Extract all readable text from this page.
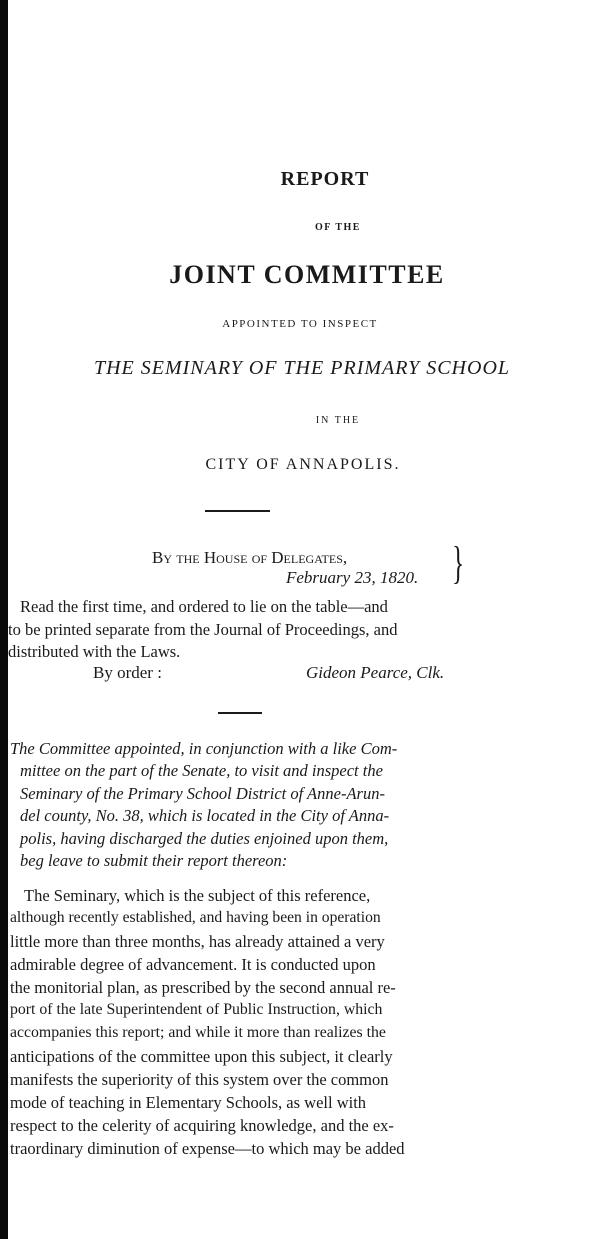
REPORT
OF THE
JOINT COMMITTEE
APPOINTED TO INSPECT
THE SEMINARY OF THE PRIMARY SCHOOL
IN THE
CITY OF ANNAPOLIS.
By the House of Delegates,
February 23, 1820. }
Read the first time, and ordered to lie on the table—and
to be printed separate from the Journal of Proceedings, and
distributed with the Laws.
By order :	Gideon Pearce, Clk.
The Committee appointed, in conjunction with a like Com-
mittee on the part of the Senate, to visit and inspect the
Seminary of the Primary School District of Anne-Arun-
del county, No. 38, which is located in the City of Anna-
polis, having discharged the duties enjoined upon them,
beg leave to submit their report thereon:
The Seminary, which is the subject of this reference,
although recently established, and having been in operation
little more than three months, has already attained a very
admirable degree of advancement. It is conducted upon
the monitorial plan, as prescribed by the second annual re-
port of the late Superintendent of Public Instruction, which
accompanies this report; and while it more than realizes the
anticipations of the committee upon this subject, it clearly
manifests the superiority of this system over the common
mode of teaching in Elementary Schools, as well with
respect to the celerity of acquiring knowledge, and the ex-
traordinary diminution of expense—to which may be added
